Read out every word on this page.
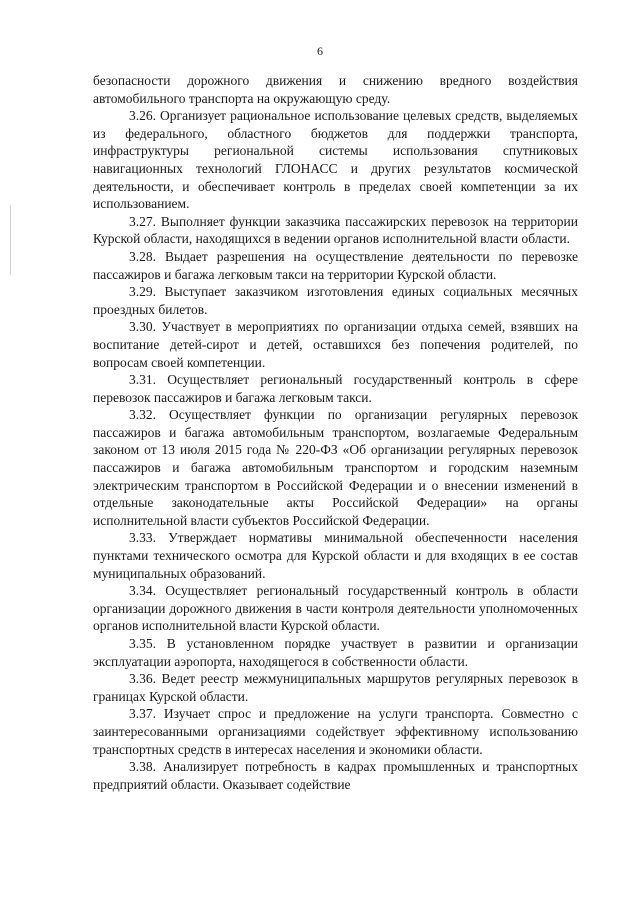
6

безопасности дорожного движения и снижению вредного воздействия автомобильного транспорта на окружающую среду.

3.26. Организует рациональное использование целевых средств, выделяемых из федерального, областного бюджетов для поддержки транспорта, инфраструктуры региональной системы использования спутниковых навигационных технологий ГЛОНАСС и других результатов космической деятельности, и обеспечивает контроль в пределах своей компетенции за их использованием.

3.27. Выполняет функции заказчика пассажирских перевозок на территории Курской области, находящихся в ведении органов исполнительной власти области.

3.28. Выдает разрешения на осуществление деятельности по перевозке пассажиров и багажа легковым такси на территории Курской области.

3.29. Выступает заказчиком изготовления единых социальных месячных проездных билетов.

3.30. Участвует в мероприятиях по организации отдыха семей, взявших на воспитание детей-сирот и детей, оставшихся без попечения родителей, по вопросам своей компетенции.

3.31. Осуществляет региональный государственный контроль в сфере перевозок пассажиров и багажа легковым такси.

3.32. Осуществляет функции по организации регулярных перевозок пассажиров и багажа автомобильным транспортом, возлагаемые Федеральным законом от 13 июля 2015 года № 220-ФЗ «Об организации регулярных перевозок пассажиров и багажа автомобильным транспортом и городским наземным электрическим транспортом в Российской Федерации и о внесении изменений в отдельные законодательные акты Российской Федерации» на органы исполнительной власти субъектов Российской Федерации.

3.33. Утверждает нормативы минимальной обеспеченности населения пунктами технического осмотра для Курской области и для входящих в ее состав муниципальных образований.

3.34. Осуществляет региональный государственный контроль в области организации дорожного движения в части контроля деятельности уполномоченных органов исполнительной власти Курской области.

3.35. В установленном порядке участвует в развитии и организации эксплуатации аэропорта, находящегося в собственности области.

3.36. Ведет реестр межмуниципальных маршрутов регулярных перевозок в границах Курской области.

3.37. Изучает спрос и предложение на услуги транспорта. Совместно с заинтересованными организациями содействует эффективному использованию транспортных средств в интересах населения и экономики области.

3.38. Анализирует потребность в кадрах промышленных и транспортных предприятий области. Оказывает содействие
